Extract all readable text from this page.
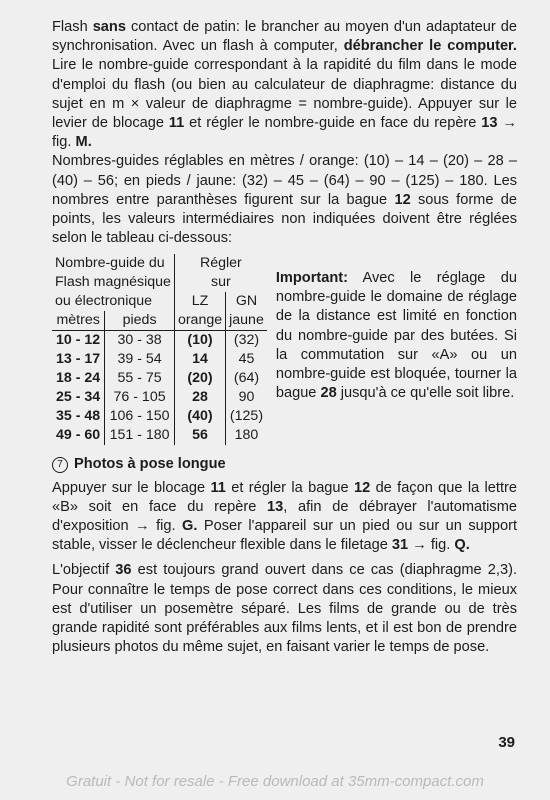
Flash sans contact de patin: le brancher au moyen d'un adaptateur de synchronisation. Avec un flash à computer, débrancher le computer. Lire le nombre-guide correspondant à la rapidité du film dans le mode d'emploi du flash (ou bien au calculateur de diaphragme: distance du sujet en m × valeur de diaphragme = nombre-guide). Appuyer sur le levier de blocage 11 et régler le nombre-guide en face du repère 13 → fig. M.

Nombres-guides réglables en mètres / orange: (10) – 14 – (20) – 28 – (40) – 56; en pieds / jaune: (32) – 45 – (64) – 90 – (125) – 180. Les nombres entre paranthèses figurent sur la bague 12 sous forme de points, les valeurs intermédiaires non indiquées doivent être réglées selon le tableau ci-dessous:

Nombre-guide du		Régler	
Flash magnésique		sur	
ou électronique		LZ	GN
mètres	pieds	orange	jaune
10 - 12	30 - 38	(10)	(32)
13 - 17	39 - 54	14	45
18 - 24	55 - 75	(20)	(64)
25 - 34	76 - 105	28	90
35 - 48	106 - 150	(40)	(125)
49 - 60	151 - 180	56	180

Important: Avec le réglage du nombre-guide le domaine de réglage de la distance est limité en fonction du nombre-guide par des butées. Si la commutation sur «A» ou un nombre-guide est bloquée, tourner la bague 28 jusqu'à ce qu'elle soit libre.

7 Photos à pose longue

Appuyer sur le blocage 11 et régler la bague 12 de façon que la lettre «B» soit en face du repère 13, afin de débrayer l'automatisme d'exposition → fig. G. Poser l'appareil sur un pied ou sur un support stable, visser le déclencheur flexible dans le filetage 31 → fig. Q.

L'objectif 36 est toujours grand ouvert dans ce cas (diaphragme 2,3). Pour connaître le temps de pose correct dans ces conditions, le mieux est d'utiliser un posemètre séparé. Les films de grande ou de très grande rapidité sont préférables aux films lents, et il est bon de prendre plusieurs photos du même sujet, en faisant varier le temps de pose.

39
Gratuit - Not for resale - Free download at 35mm-compact.com
